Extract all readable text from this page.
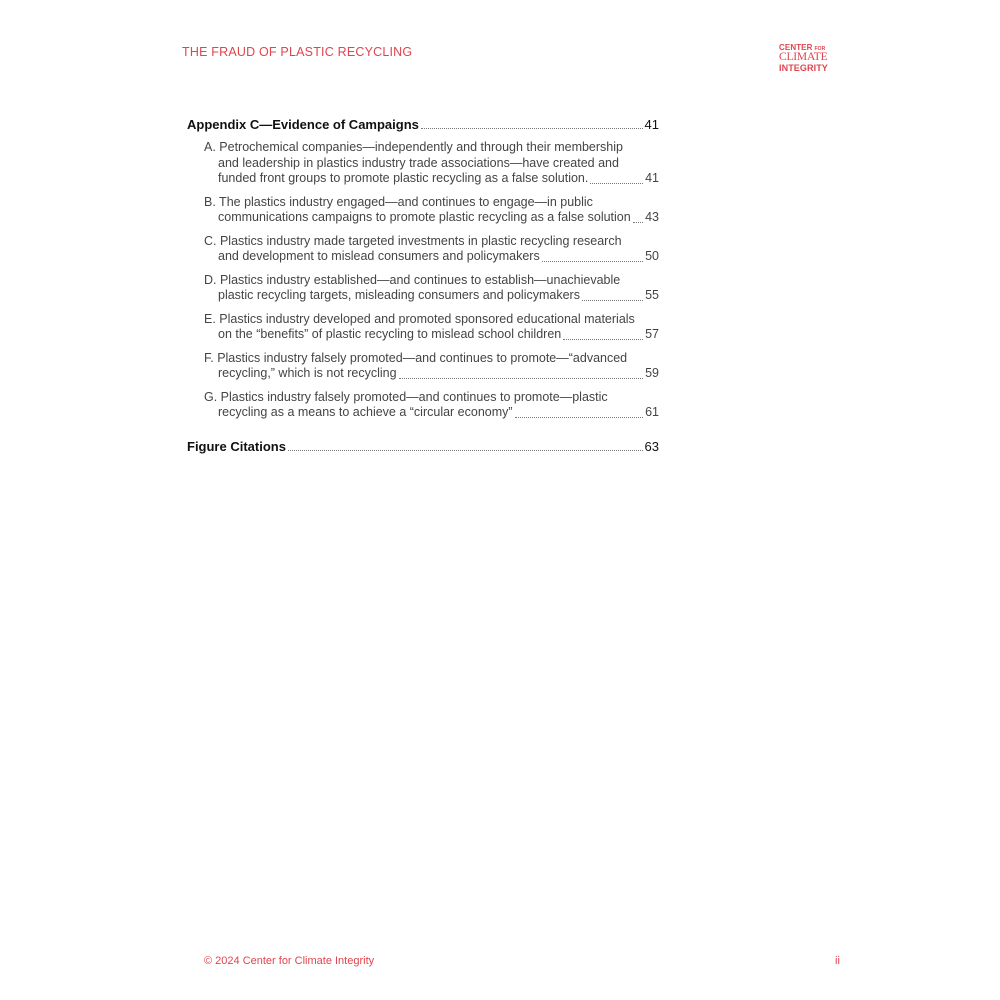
THE FRAUD OF PLASTIC RECYCLING	CENTER FOR
CLIMATE
INTEGRITY
Appendix C—Evidence of Campaigns	41
A. Petrochemical companies—independently and through their membership
and leadership in plastics industry trade associations—have created and
funded front groups to promote plastic recycling as a false solution.	41
B. The plastics industry engaged—and continues to engage—in public
communications campaigns to promote plastic recycling as a false solution 43
C. Plastics industry made targeted investments in plastic recycling research
and development to mislead consumers and policymakers	50
D. Plastics industry established—and continues to establish—unachievable
plastic recycling targets, misleading consumers and policymakers	55
E. Plastics industry developed and promoted sponsored educational materials
on the “benefits” of plastic recycling to mislead school children	57
F. Plastics industry falsely promoted—and continues to promote—“advanced
recycling,” which is not recycling	59
G. Plastics industry falsely promoted—and continues to promote—plastic
recycling as a means to achieve a “circular economy”	61
Figure Citations	63
© 2024 Center for Climate Integrity	ii
